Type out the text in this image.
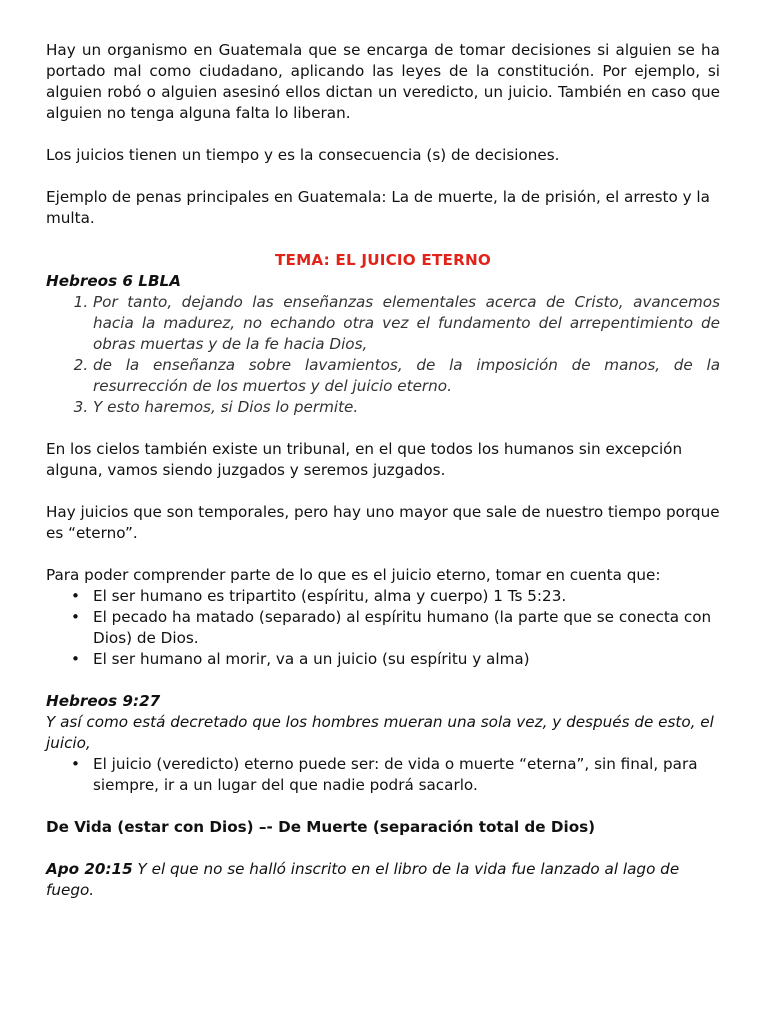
Hay un organismo en Guatemala que se encarga de tomar decisiones si alguien se ha portado mal como ciudadano, aplicando las leyes de la constitución. Por ejemplo, si alguien robó o alguien asesinó ellos dictan un veredicto, un juicio. También en caso que alguien no tenga alguna falta lo liberan.

Los juicios tienen un tiempo y es la consecuencia (s) de decisiones.

Ejemplo de penas principales en Guatemala: La de muerte, la de prisión, el arresto y la multa.

TEMA: EL JUICIO ETERNO

Hebreos 6 LBLA

1. Por tanto, dejando las enseñanzas elementales acerca de Cristo, avancemos hacia la madurez, no echando otra vez el fundamento del arrepentimiento de obras muertas y de la fe hacia Dios,
2. de la enseñanza sobre lavamientos, de la imposición de manos, de la resurrección de los muertos y del juicio eterno.
3. Y esto haremos, si Dios lo permite.

En los cielos también existe un tribunal, en el que todos los humanos sin excepción alguna, vamos siendo juzgados y seremos juzgados.

Hay juicios que son temporales, pero hay uno mayor que sale de nuestro tiempo porque es “eterno”.

Para poder comprender parte de lo que es el juicio eterno, tomar en cuenta que:

• El ser humano es tripartito (espíritu, alma y cuerpo) 1 Ts 5:23.
• El pecado ha matado (separado) al espíritu humano (la parte que se conecta con Dios) de Dios.
• El ser humano al morir, va a un juicio (su espíritu y alma)

Hebreos 9:27

Y así como está decretado que los hombres mueran una sola vez, y después de esto, el juicio,

• El juicio (veredicto) eterno puede ser: de vida o muerte “eterna”, sin final, para siempre, ir a un lugar del que nadie podrá sacarlo.

De Vida (estar con Dios) –- De Muerte (separación total de Dios)

Apo 20:15 Y el que no se halló inscrito en el libro de la vida fue lanzado al lago de fuego.
